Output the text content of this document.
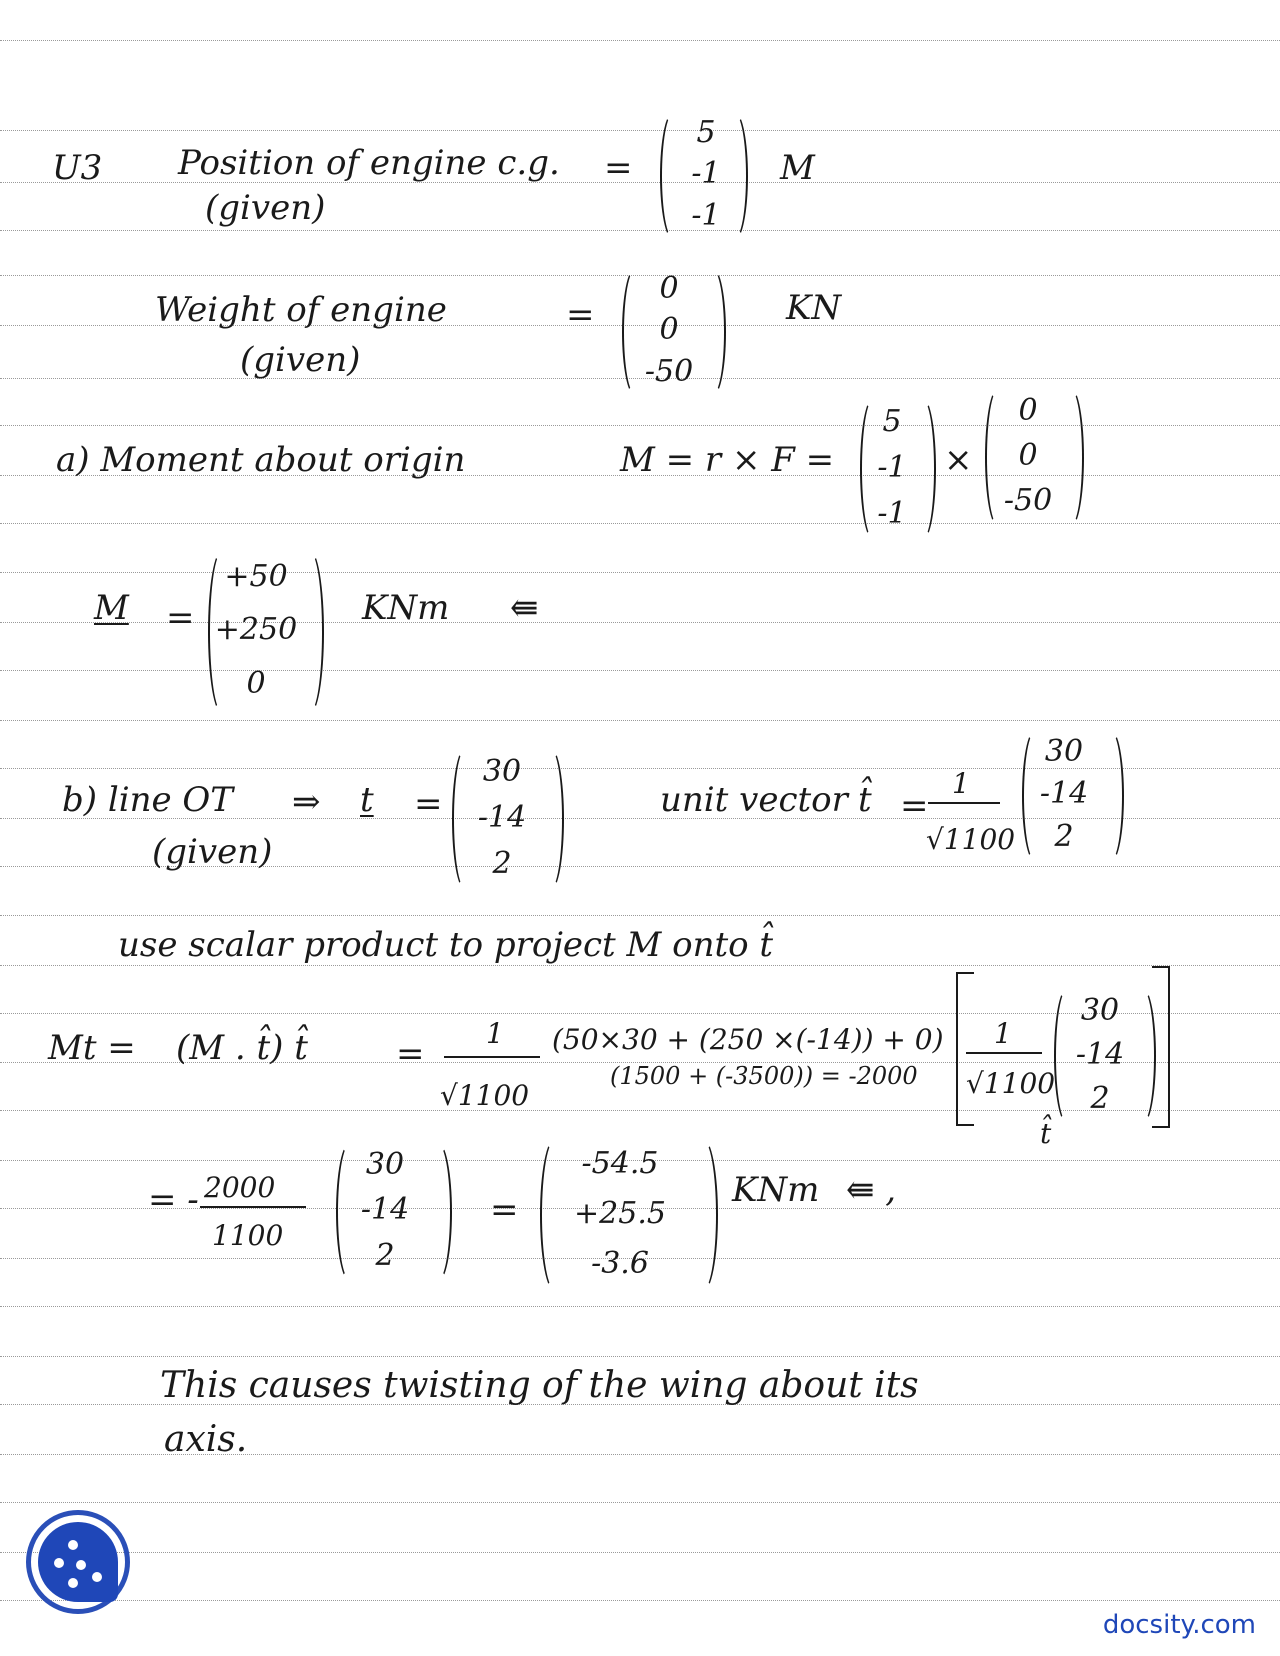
U3 Position of engine c.g.
(given)
=
5
-1
-1
M
Weight of engine
(given)
=
0
0
-50
KN
a) Moment about origin	M = r × F =
5
-1
-1
×
0
0
-50
M =
+50
+250
0
KNm ⇚
b) line OT ⇒ t =
(given)
30
-14
2
unit vector t̂ =
1
√1100
30
-14
2
use scalar product to project M onto t̂
Mt = (M . t̂) t̂	=
1
√1100
(50×30 + (250 ×(-14)) + 0)
(1500 + (-3500)) = -2000
1
√1100
30
-14
2
t̂
= - 2000
1100
30
-14
2
=
-54.5
+25.5
-3.6
KNm ⇚ ,
This causes twisting of the wing about its
axis.
docsity.com
